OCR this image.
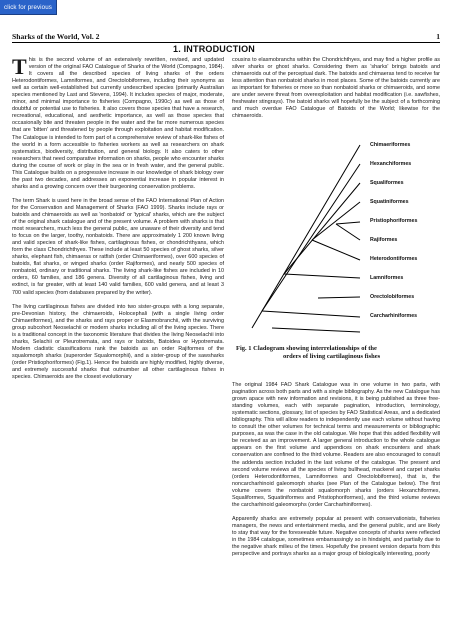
click for previous page
Sharks of the World, Vol. 2	1
1. INTRODUCTION

This is the second volume of an extensively rewritten, revised, and updated version of the original FAO Catalogue of Sharks of the World (Compagno, 1984). It covers all the described species of living sharks of the orders Heterodontiformes, Lamniformes, and Orectolobiformes, including their synonyms as well as certain well-established but currently undescribed species (primarily Australian species mentioned by Last and Stevens, 1994). It includes species of major, moderate, minor, and minimal importance to fisheries (Compagno, 1990c) as well as those of doubtful or potential use to fisheries. It also covers those species that have a research, recreational, educational, and aesthetic importance, as well as those species that occasionally bite and threaten people in the water and the far more numerous species that are 'bitten' and threatened by people through exploitation and habitat modification. The Catalogue is intended to form part of a comprehensive review of shark-like fishes of the world in a form accessible to fisheries workers as well as researchers on shark systematics, biodiversity, distribution, and general biology. It also caters to other researchers that need comparative information on sharks, people who encounter sharks during the course of work or play in the sea or in fresh water, and the general public. This Catalogue builds on a progressive increase in our knowledge of shark biology over the past two decades, and addresses an exponential increase in popular interest in sharks and a growing concern over their burgeoning conservation problems.

The term Shark is used here in the broad sense of the FAO International Plan of Action for the Conservation and Management of Sharks (FAO 1999). Sharks include rays or batoids and chimaeroids as well as 'nonbatoid' or 'typical' sharks, which are the subject of the original shark catalogue and of the present volume. A problem with sharks is that most researchers, much less the general public, are unaware of their diversity and tend to focus on the larger, toothy, nonbatoids. There are approximately 1 200 known living and valid species of shark-like fishes, cartilaginous fishes, or chondrichthyans, which form the class Chondrichthyes. These include at least 50 species of ghost sharks, silver sharks, elephant fish, chimaeras or ratfish (order Chimaeriformes), over 600 species of batoids, flat sharks, or winged sharks (order Rajiformes), and nearly 500 species of nonbatoid, ordinary or traditional sharks. The living shark-like fishes are included in 10 orders, 60 families, and 186 genera. Diversity of all cartilaginous fishes, living and extinct, is far greater, with at least 140 valid families, 600 valid genera, and at least 3 700 valid species (from databases prepared by the writer).

The living cartilaginous fishes are divided into two sister-groups with a long separate, pre-Devonian history, the chimaeroids, Holocephali (with a single living order Chimaeriformes), and the sharks and rays proper or Elasmobranchii, with the surviving group subcohort Neoselachii or modern sharks including all of the living species. There is a traditional concept in the taxonomic literature that divides the living Neoselachii into sharks, Selachii or Pleurotremata, and rays or batoids, Batoidea or Hypotremata. Modern cladistic classifications rank the batoids as an order Rajiformes of the squalomorph sharks (superorder Squalomorphii), and a sister-group of the sawsharks (order Pristiophoriformes) (Fig.1). Hence the batoids are highly modified, highly diverse, and extremely successful sharks that outnumber all other cartilaginous fishes in species. Chimaeroids are the closest evolutionary

cousins to elasmobranchs within the Chondrichthyes, and may find a higher profile as silver sharks or ghost sharks. Considering them as 'sharks' brings batoids and chimaeroids out of the perceptual dark. The batoids and chimaeras tend to receive far less attention than nonbatoid sharks in most places. Some of the batoids currently are as important for fisheries or more so than nonbatoid sharks or chimaeroids, and some are under severe threat from overexploitation and habitat modification (i.e. sawfishes, freshwater stingrays). The batoid sharks will hopefully be the subject of a forthcoming and much overdue FAO Catalogue of Batoids of the World; likewise for the chimaeroids.

Chimaeriformes
Hexanchiformes
Squaliformes
Squatiniformes
Pristiophoriformes
Rajiformes
Heterodontiformes
Lamniformes
Orectolobiformes
Carcharhiniformes
Fig. 1 Cladogram showing interrelationships of the
orders of living cartilaginous fishes

The original 1984 FAO Shark Catalogue was in one volume in two parts, with pagination across both parts and with a single bibliography. As the new Catalogue has grown apace with new information and revisions, it is being published as three free-standing volumes, each with separate pagination, introduction, terminology, systematic sections, glossary, list of species by FAO Statistical Areas, and a dedicated bibliography. This will allow readers to independently use each volume without having to consult the other volumes for technical terms and measurements or bibliographic purposes, as was the case in the old catalogue. We hope that this added flexibility will be received as an improvement. A larger general introduction to the whole catalogue appears on the first volume and appendices on shark encounters and shark conservation are confined to the third volume. Readers are also encouraged to consult the addenda section included in the last volume of the catalogue. The present and second volume reviews all the species of living bullhead, mackerel and carpet sharks (orders Heterodontiformes, Lamniformes and Orectolobiformes), that is, the noncarcharhinoid galeomorph sharks (see Plan of the Catalogue below). The first volume covers the nonbatoid squalomorph sharks (orders Hexanchiformes, Squaliformes, Squatiniformes and Pristiophoriformes), and the third volume reviews the carcharhinoid galeomorphs (order Carcharhiniformes).

Apparently sharks are extremely popular at present with conservationists, fisheries managers, the news and entertainment media, and the general public, and are likely to stay that way for the foreseeable future. Negative concepts of sharks were reflected in the 1984 catalogue, sometimes embarrassingly so in hindsight, and partially due to the negative shark milieu of the times. Hopefully the present version departs from this perspective and portrays sharks as a major group of biologically interesting, poorly
